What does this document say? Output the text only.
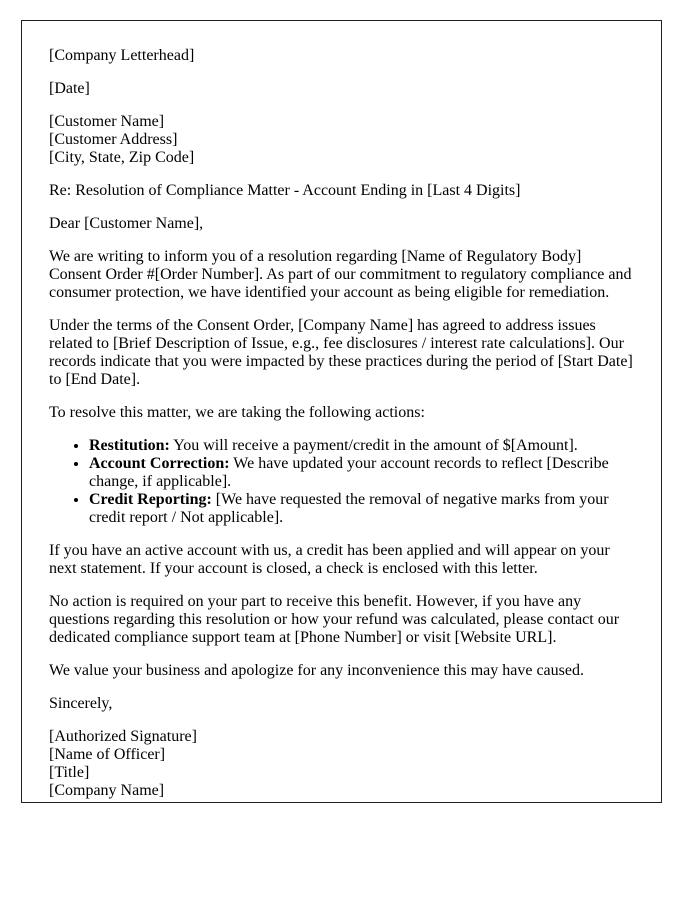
[Company Letterhead]

[Date]

[Customer Name]
[Customer Address]
[City, State, Zip Code]

Re: Resolution of Compliance Matter - Account Ending in [Last 4 Digits]

Dear [Customer Name],

We are writing to inform you of a resolution regarding [Name of Regulatory Body] Consent Order #[Order Number]. As part of our commitment to regulatory compliance and consumer protection, we have identified your account as being eligible for remediation.

Under the terms of the Consent Order, [Company Name] has agreed to address issues related to [Brief Description of Issue, e.g., fee disclosures / interest rate calculations]. Our records indicate that you were impacted by these practices during the period of [Start Date] to [End Date].

To resolve this matter, we are taking the following actions:

• Restitution: You will receive a payment/credit in the amount of $[Amount].
• Account Correction: We have updated your account records to reflect [Describe change, if applicable].
• Credit Reporting: [We have requested the removal of negative marks from your credit report / Not applicable].

If you have an active account with us, a credit has been applied and will appear on your next statement. If your account is closed, a check is enclosed with this letter.

No action is required on your part to receive this benefit. However, if you have any questions regarding this resolution or how your refund was calculated, please contact our dedicated compliance support team at [Phone Number] or visit [Website URL].

We value your business and apologize for any inconvenience this may have caused.

Sincerely,

[Authorized Signature]
[Name of Officer]
[Title]
[Company Name]
